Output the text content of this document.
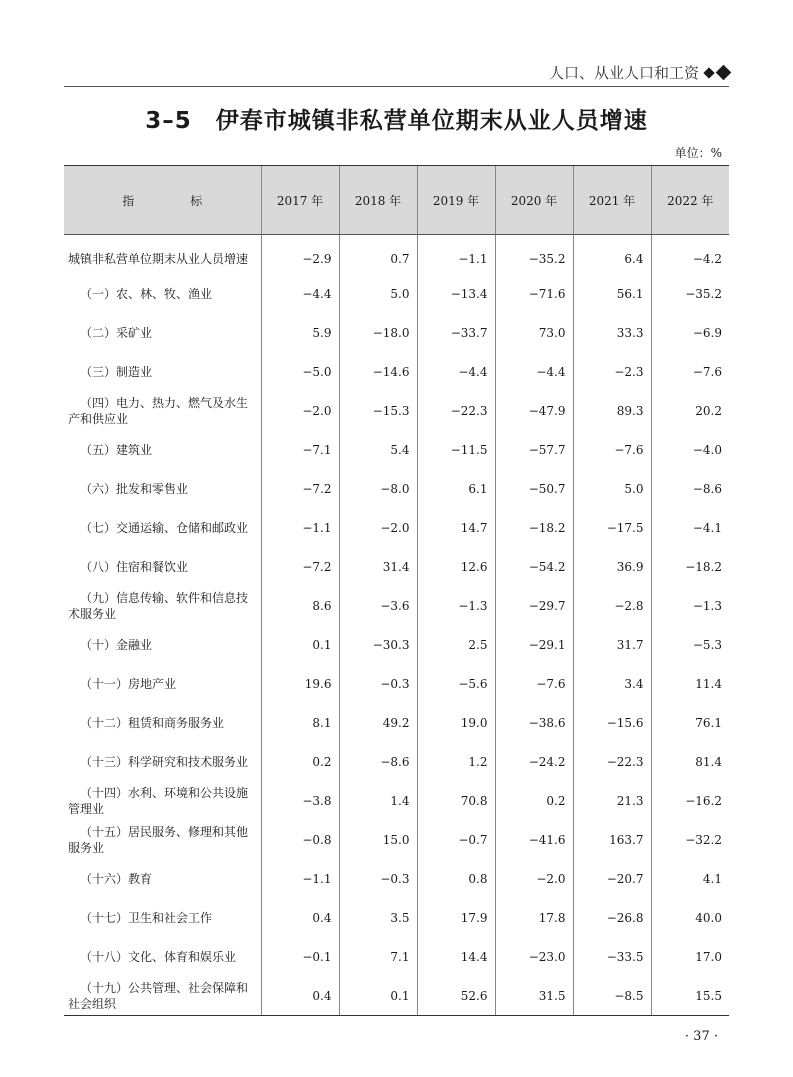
人口、从业人口和工资
3–5　伊春市城镇非私营单位期末从业人员增速
单位：%
指　标	2017 年	2018 年	2019 年	2020 年	2021 年	2022 年
城镇非私营单位期末从业人员增速	−2.9	0.7	−1.1	−35.2	6.4	−4.2
（一）农、林、牧、渔业	−4.4	5.0	−13.4	−71.6	56.1	−35.2
（二）采矿业	5.9	−18.0	−33.7	73.0	33.3	−6.9
（三）制造业	−5.0	−14.6	−4.4	−4.4	−2.3	−7.6
（四）电力、热力、燃气及水生产和供应业	−2.0	−15.3	−22.3	−47.9	89.3	20.2
（五）建筑业	−7.1	5.4	−11.5	−57.7	−7.6	−4.0
（六）批发和零售业	−7.2	−8.0	6.1	−50.7	5.0	−8.6
（七）交通运输、仓储和邮政业	−1.1	−2.0	14.7	−18.2	−17.5	−4.1
（八）住宿和餐饮业	−7.2	31.4	12.6	−54.2	36.9	−18.2
（九）信息传输、软件和信息技术服务业	8.6	−3.6	−1.3	−29.7	−2.8	−1.3
（十）金融业	0.1	−30.3	2.5	−29.1	31.7	−5.3
（十一）房地产业	19.6	−0.3	−5.6	−7.6	3.4	11.4
（十二）租赁和商务服务业	8.1	49.2	19.0	−38.6	−15.6	76.1
（十三）科学研究和技术服务业	0.2	−8.6	1.2	−24.2	−22.3	81.4
（十四）水利、环境和公共设施管理业	−3.8	1.4	70.8	0.2	21.3	−16.2
（十五）居民服务、修理和其他服务业	−0.8	15.0	−0.7	−41.6	163.7	−32.2
（十六）教育	−1.1	−0.3	0.8	−2.0	−20.7	4.1
（十七）卫生和社会工作	0.4	3.5	17.9	17.8	−26.8	40.0
（十八）文化、体育和娱乐业	−0.1	7.1	14.4	−23.0	−33.5	17.0
（十九）公共管理、社会保障和社会组织	0.4	0.1	52.6	31.5	−8.5	15.5
· 37 ·
